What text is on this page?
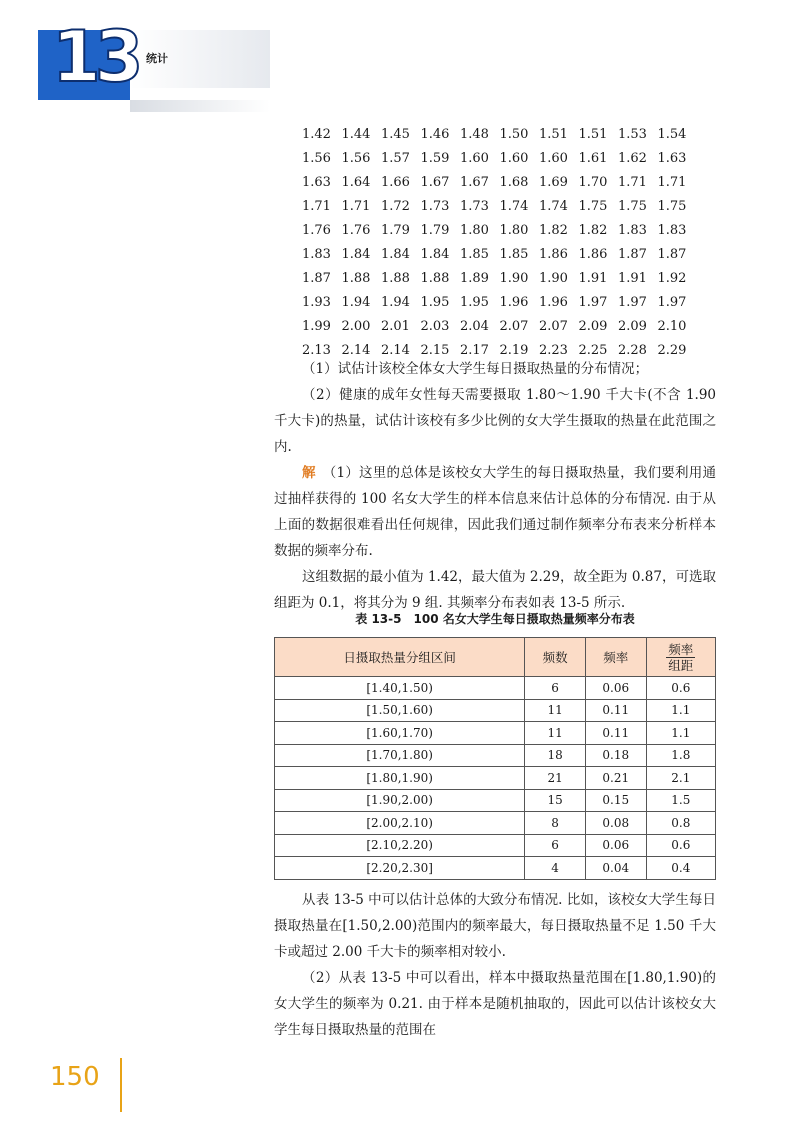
13 统计
1.42 1.44 1.45 1.46 1.48 1.50 1.51 1.51 1.53 1.54
1.56 1.56 1.57 1.59 1.60 1.60 1.60 1.61 1.62 1.63
1.63 1.64 1.66 1.67 1.67 1.68 1.69 1.70 1.71 1.71
1.71 1.71 1.72 1.73 1.73 1.74 1.74 1.75 1.75 1.75
1.76 1.76 1.79 1.79 1.80 1.80 1.82 1.82 1.83 1.83
1.83 1.84 1.84 1.84 1.85 1.85 1.86 1.86 1.87 1.87
1.87 1.88 1.88 1.88 1.89 1.90 1.90 1.91 1.91 1.92
1.93 1.94 1.94 1.95 1.95 1.96 1.96 1.97 1.97 1.97
1.99 2.00 2.01 2.03 2.04 2.07 2.07 2.09 2.09 2.10
2.13 2.14 2.14 2.15 2.17 2.19 2.23 2.25 2.28 2.29
（1）试估计该校全体女大学生每日摄取热量的分布情况；
（2）健康的成年女性每天需要摄取 1.80～1.90 千大卡(不含 1.90 千大卡)的热量，试估计该校有多少比例的女大学生摄取的热量在此范围之内.
解　 （1）这里的总体是该校女大学生的每日摄取热量，我们要利用通过抽样获得的 100 名女大学生的样本信息来估计总体的分布情况. 由于从上面的数据很难看出任何规律，因此我们通过制作频率分布表来分析样本数据的频率分布.
这组数据的最小值为 1.42，最大值为 2.29，故全距为 0.87，可选取组距为 0.1，将其分为 9 组. 其频率分布表如表 13-5 所示.
表 13-5　100 名女大学生每日摄取热量频率分布表
日摄取热量分组区间	频数	频率	$\frac{\text{频率}}{\text{组距}}$

[1.40,1.50)	6	0.06	0.6
[1.50,1.60)	11	0.11	1.1
[1.60,1.70)	11	0.11	1.1
[1.70,1.80)	18	0.18	1.8
[1.80,1.90)	21	0.21	2.1
[1.90,2.00)	15	0.15	1.5
[2.00,2.10)	8	0.08	0.8
[2.10,2.20)	6	0.06	0.6
[2.20,2.30]	4	0.04	0.4
从表 13-5 中可以估计总体的大致分布情况. 比如，该校女大学生每日摄取热量在[1.50,2.00)范围内的频率最大，每日摄取热量不足 1.50 千大卡或超过 2.00 千大卡的频率相对较小.
（2）从表 13-5 中可以看出，样本中摄取热量范围在[1.80,1.90)的女大学生的频率为 0.21. 由于样本是随机抽取的，因此可以估计该校女大学生每日摄取热量的范围在
150
